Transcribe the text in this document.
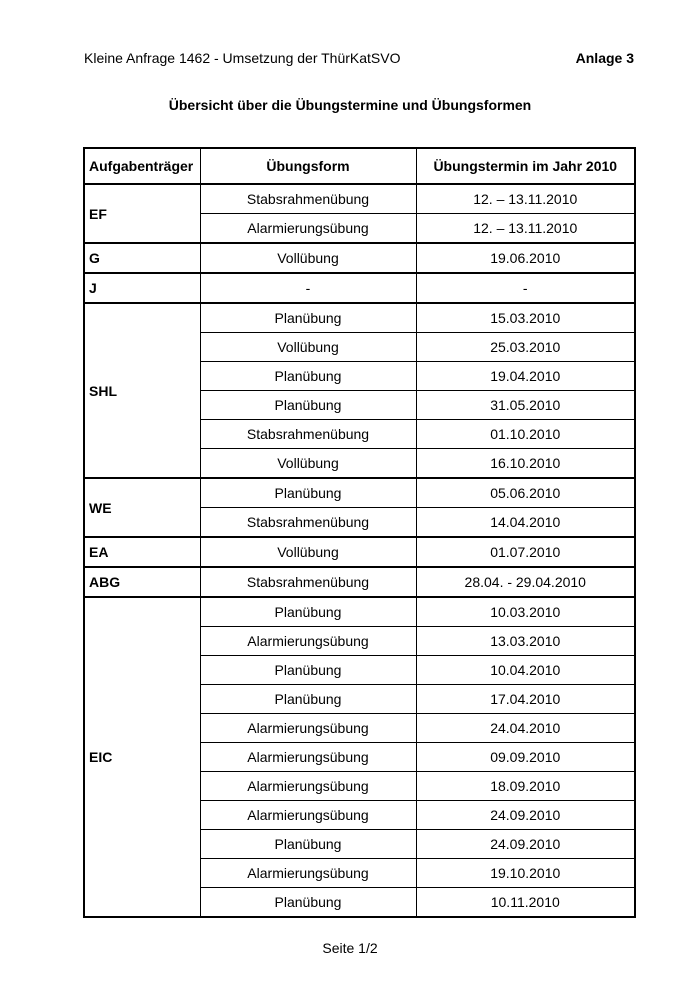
Kleine Anfrage 1462 - Umsetzung der ThürKatSVO	Anlage 3
Übersicht über die Übungstermine und Übungsformen
Aufgabenträger	Übungsform	Übungstermin im Jahr 2010
EF	Stabsrahmenübung	12. – 13.11.2010
	Alarmierungsübung	12. – 13.11.2010
G	Vollübung	19.06.2010
J	-	-
SHL	Planübung	15.03.2010
	Vollübung	25.03.2010
	Planübung	19.04.2010
	Planübung	31.05.2010
	Stabsrahmenübung	01.10.2010
	Vollübung	16.10.2010
WE	Planübung	05.06.2010
	Stabsrahmenübung	14.04.2010
EA	Vollübung	01.07.2010
ABG	Stabsrahmenübung	28.04. - 29.04.2010
EIC	Planübung	10.03.2010
	Alarmierungsübung	13.03.2010
	Planübung	10.04.2010
	Planübung	17.04.2010
	Alarmierungsübung	24.04.2010
	Alarmierungsübung	09.09.2010
	Alarmierungsübung	18.09.2010
	Alarmierungsübung	24.09.2010
	Planübung	24.09.2010
	Alarmierungsübung	19.10.2010
	Planübung	10.11.2010
Seite 1/2
